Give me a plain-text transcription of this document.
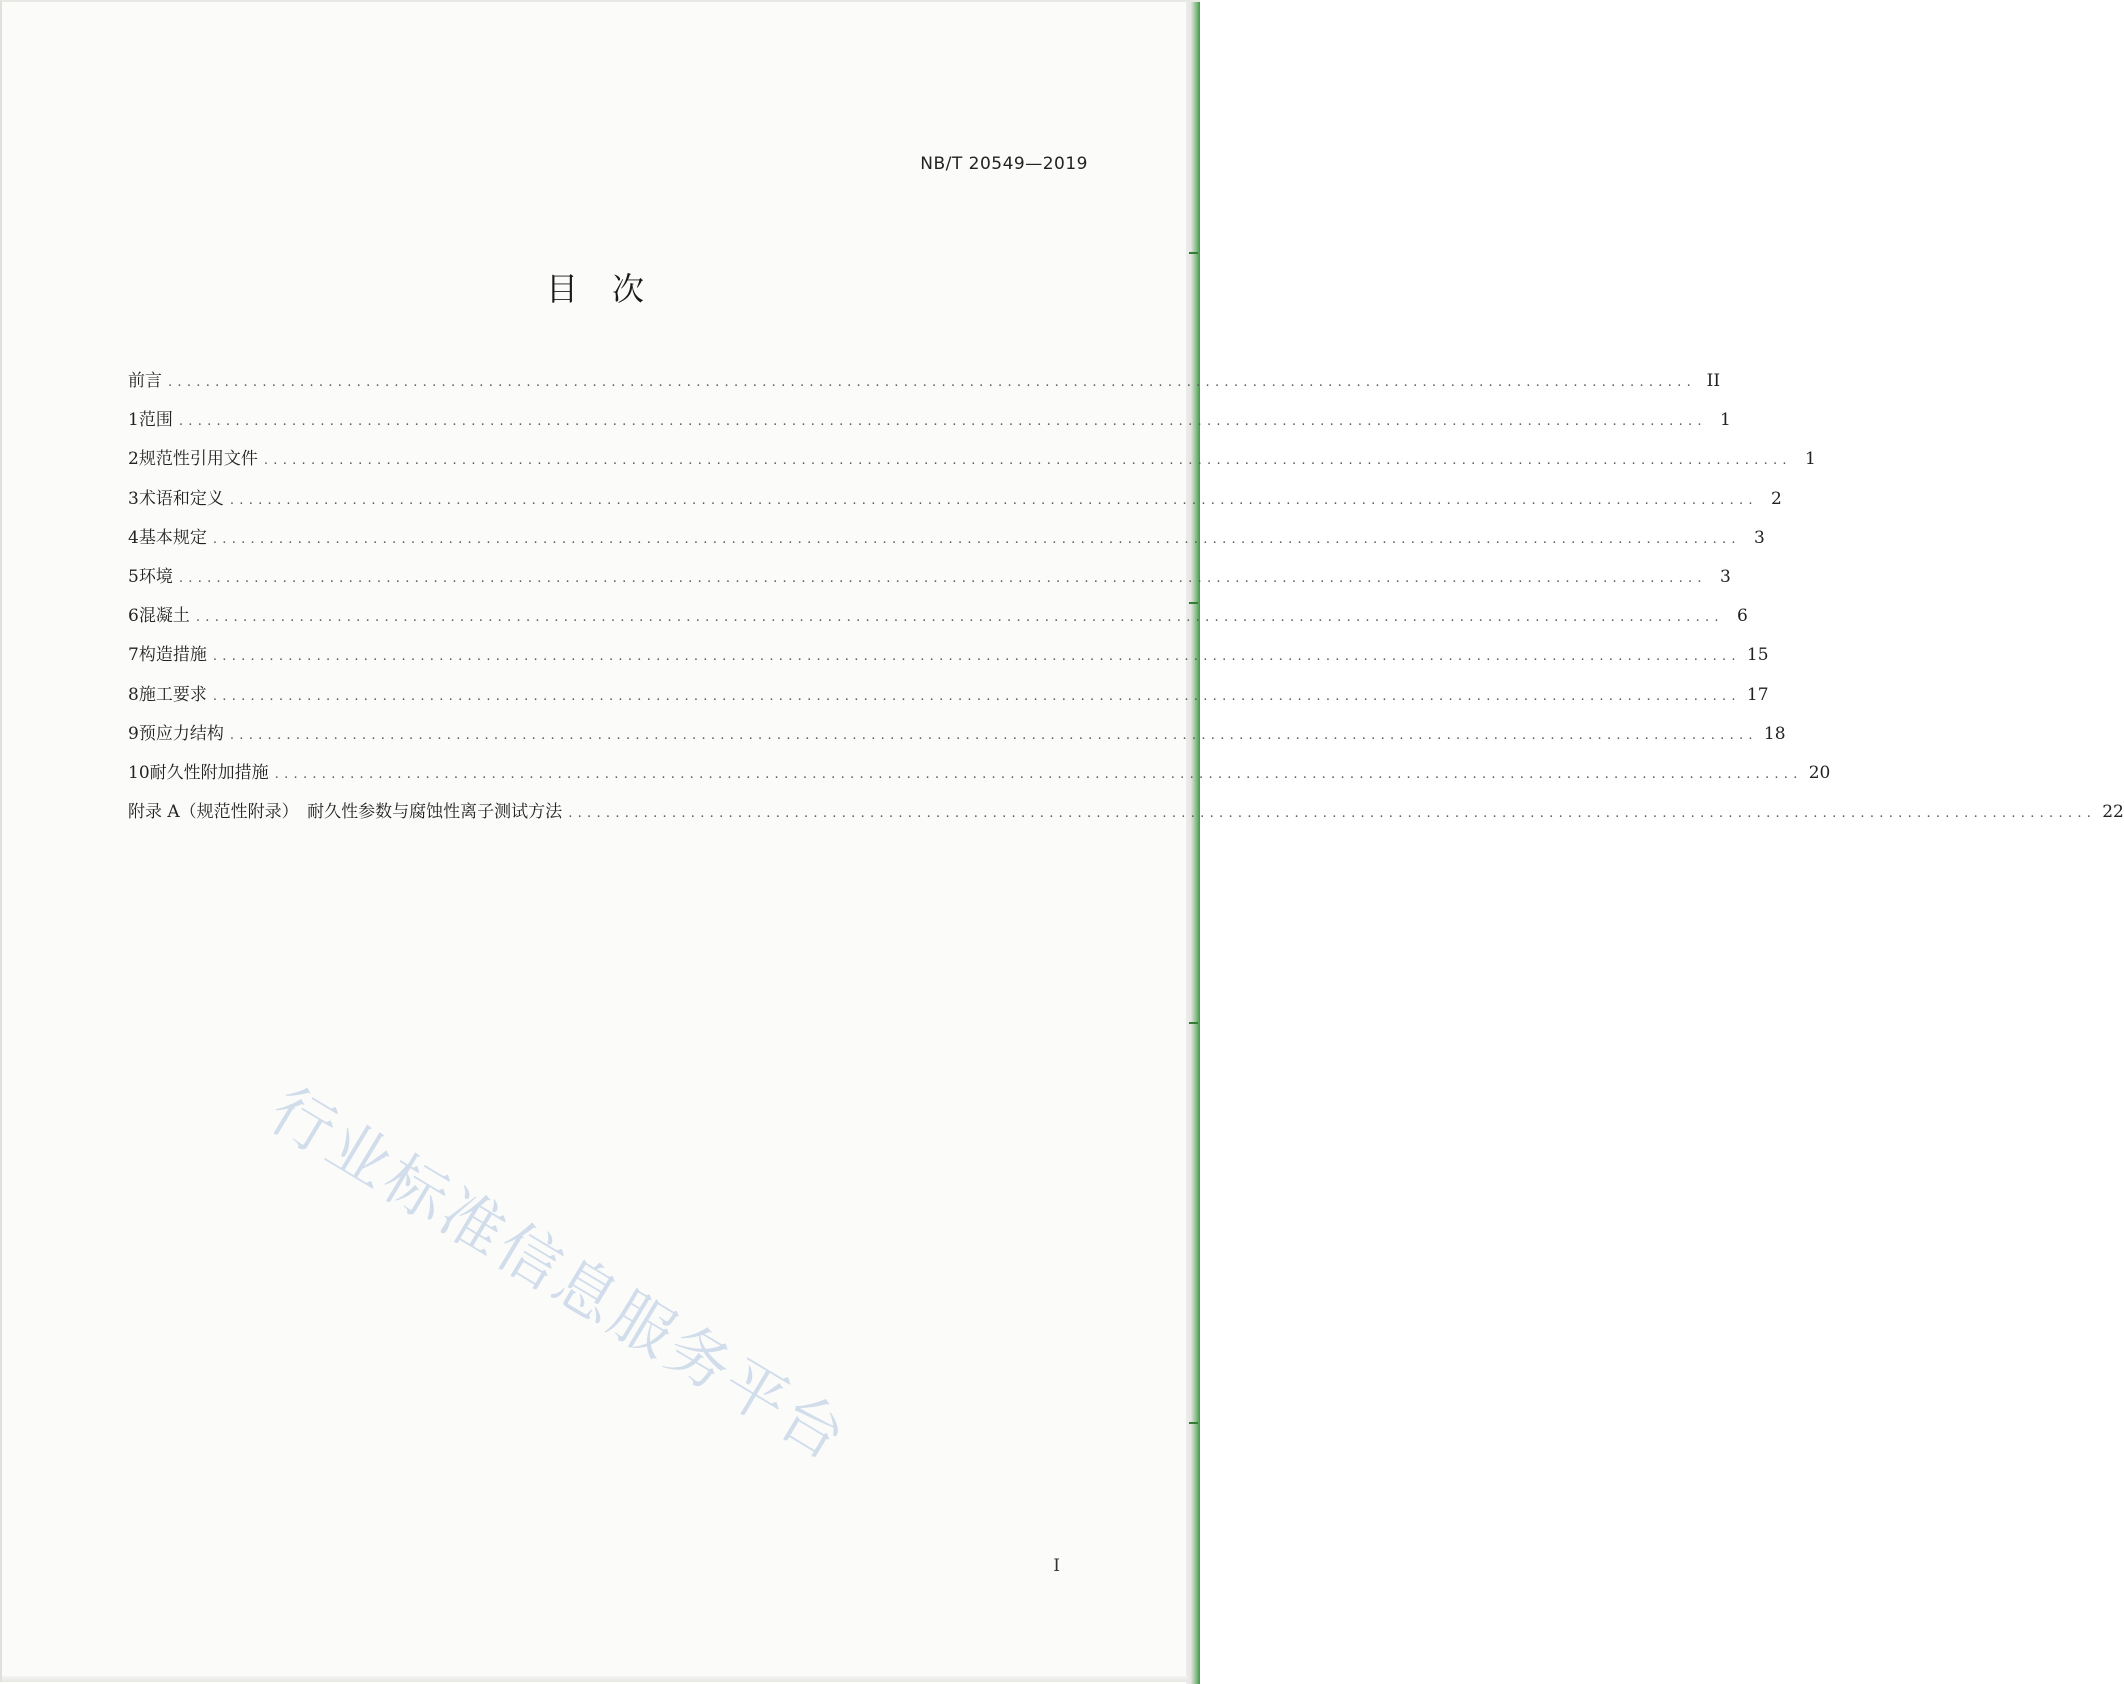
NB/T 20549—2019
目次
前言 .................................................................................................................................................................. II
1 范围 .................................................................................................................................................................. 1
2 规范性引用文件 .................................................................................................................................................................. 1
3 术语和定义 .................................................................................................................................................................. 2
4 基本规定 .................................................................................................................................................................. 3
5 环境 .................................................................................................................................................................. 3
6 混凝土 .................................................................................................................................................................. 6
7 构造措施 .................................................................................................................................................................. 15
8 施工要求 .................................................................................................................................................................. 17
9 预应力结构 .................................................................................................................................................................. 18
10 耐久性附加措施 .................................................................................................................................................................. 20
附录 A（规范性附录）　耐久性参数与腐蚀性离子测试方法 .................................................................................................................................................................. 22
行业标准信息服务平台
I
